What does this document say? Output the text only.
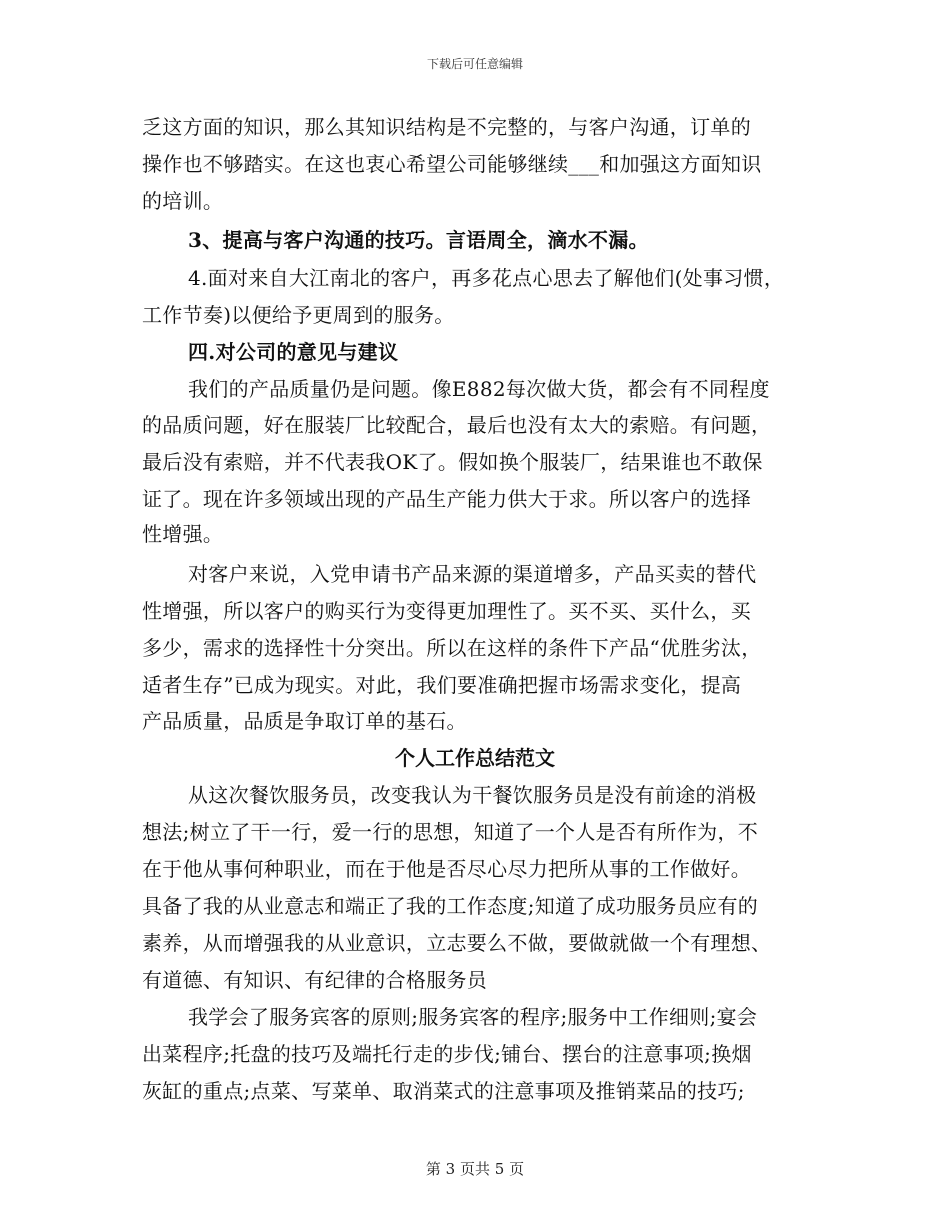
下载后可任意编辑
乏这方面的知识，那么其知识结构是不完整的，与客户沟通，订单的
操作也不够踏实。在这也衷心希望公司能够继续___和加强这方面知识
的培训。
3、提高与客户沟通的技巧。言语周全，滴水不漏。
4.面对来自大江南北的客户，再多花点心思去了解他们(处事习惯，
工作节奏)以便给予更周到的服务。
四.对公司的意见与建议
我们的产品质量仍是问题。像E882每次做大货，都会有不同程度
的品质问题，好在服装厂比较配合，最后也没有太大的索赔。有问题，
最后没有索赔，并不代表我OK了。假如换个服装厂，结果谁也不敢保
证了。现在许多领域出现的产品生产能力供大于求。所以客户的选择
性增强。
对客户来说，入党申请书产品来源的渠道增多，产品买卖的替代
性增强，所以客户的购买行为变得更加理性了。买不买、买什么，买
多少，需求的选择性十分突出。所以在这样的条件下产品“优胜劣汰，
适者生存”已成为现实。对此，我们要准确把握市场需求变化，提高
产品质量，品质是争取订单的基石。
个人工作总结范文
从这次餐饮服务员，改变我认为干餐饮服务员是没有前途的消极
想法;树立了干一行，爱一行的思想，知道了一个人是否有所作为，不
在于他从事何种职业，而在于他是否尽心尽力把所从事的工作做好。
具备了我的从业意志和端正了我的工作态度;知道了成功服务员应有的
素养，从而增强我的从业意识，立志要么不做，要做就做一个有理想、
有道德、有知识、有纪律的合格服务员
我学会了服务宾客的原则;服务宾客的程序;服务中工作细则;宴会
出菜程序;托盘的技巧及端托行走的步伐;铺台、摆台的注意事项;换烟
灰缸的重点;点菜、写菜单、取消菜式的注意事项及推销菜品的技巧;
第 3 页共 5 页
